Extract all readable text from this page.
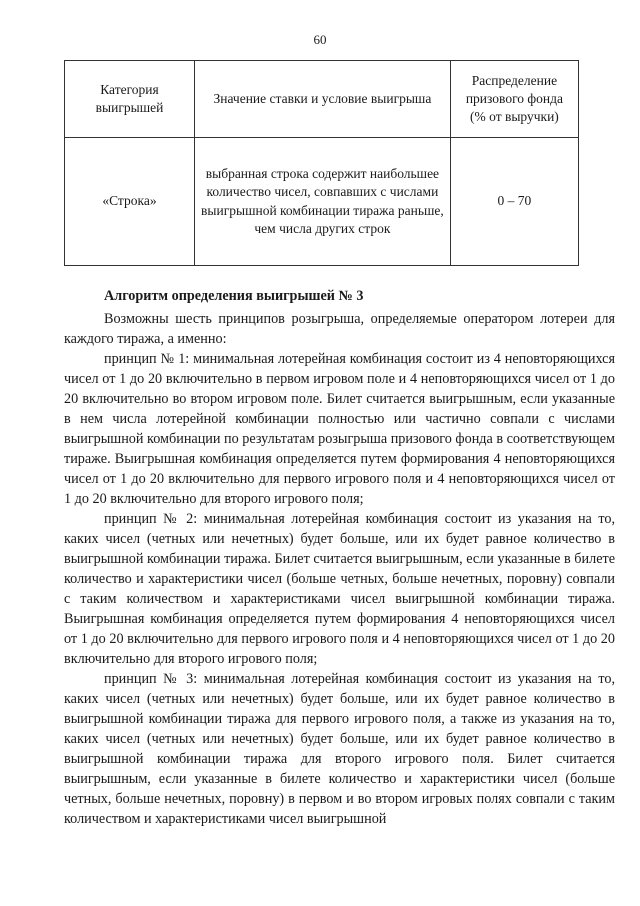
60
Категория выигрышей	Значение ставки и условие выигрыша	Распределение призового фонда (% от выручки)
«Строка»	выбранная строка содержит наибольшее количество чисел, совпавших с числами выигрышной комбинации тиража раньше, чем числа других строк	0 – 70
Алгоритм определения выигрышей № 3

Возможны шесть принципов розыгрыша, определяемые оператором лотереи для каждого тиража, а именно:

принцип № 1: минимальная лотерейная комбинация состоит из 4 неповторяющихся чисел от 1 до 20 включительно в первом игровом поле и 4 неповторяющихся чисел от 1 до 20 включительно во втором игровом поле. Билет считается выигрышным, если указанные в нем числа лотерейной комбинации полностью или частично совпали с числами выигрышной комбинации по результатам розыгрыша призового фонда в соответствующем тираже. Выигрышная комбинация определяется путем формирования 4 неповторяющихся чисел от 1 до 20 включительно для первого игрового поля и 4 неповторяющихся чисел от 1 до 20 включительно для второго игрового поля;

принцип № 2: минимальная лотерейная комбинация состоит из указания на то, каких чисел (четных или нечетных) будет больше, или их будет равное количество в выигрышной комбинации тиража. Билет считается выигрышным, если указанные в билете количество и характеристики чисел (больше четных, больше нечетных, поровну) совпали с таким количеством и характеристиками чисел выигрышной комбинации тиража. Выигрышная комбинация определяется путем формирования 4 неповторяющихся чисел от 1 до 20 включительно для первого игрового поля и 4 неповторяющихся чисел от 1 до 20 включительно для второго игрового поля;

принцип № 3: минимальная лотерейная комбинация состоит из указания на то, каких чисел (четных или нечетных) будет больше, или их будет равное количество в выигрышной комбинации тиража для первого игрового поля, а также из указания на то, каких чисел (четных или нечетных) будет больше, или их будет равное количество в выигрышной комбинации тиража для второго игрового поля. Билет считается выигрышным, если указанные в билете количество и характеристики чисел (больше четных, больше нечетных, поровну) в первом и во втором игровых полях совпали с таким количеством и характеристиками чисел выигрышной
